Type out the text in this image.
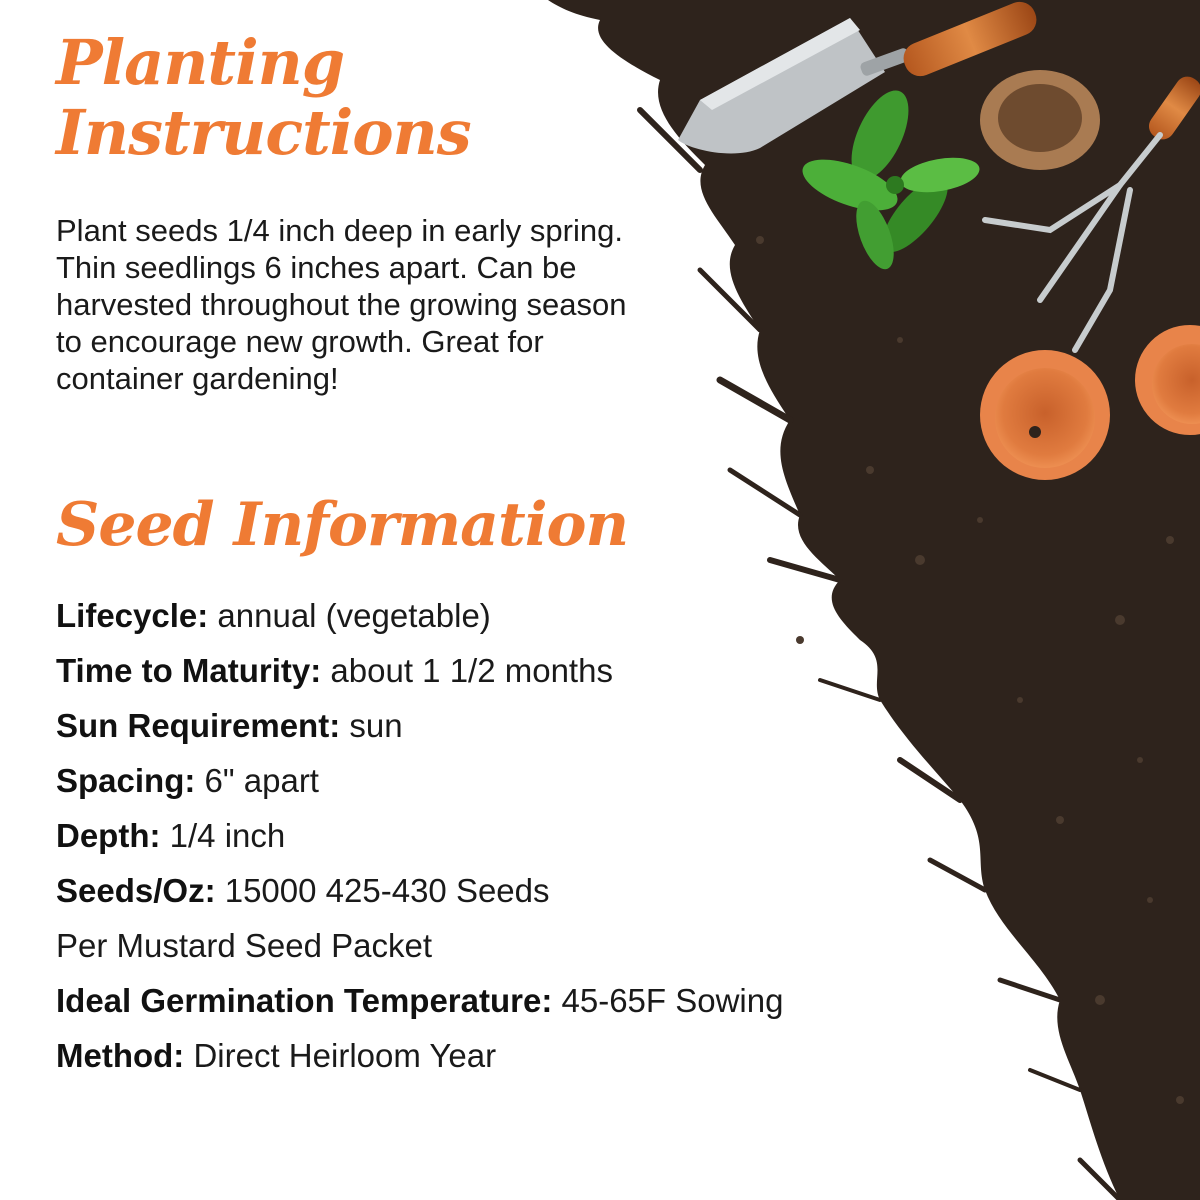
Planting
Instructions

Plant seeds 1/4 inch deep in early spring. Thin seedlings 6 inches apart. Can be harvested throughout the growing season to encourage new growth. Great for container gardening!

Seed Information
Lifecycle: annual (vegetable)
Time to Maturity: about 1 1/2 months
Sun Requirement: sun
Spacing: 6" apart
Depth: 1/4 inch
Seeds/Oz: 15000 425-430 Seeds
Per Mustard Seed Packet
Ideal Germination Temperature: 45-65F Sowing
Method: Direct Heirloom Year
